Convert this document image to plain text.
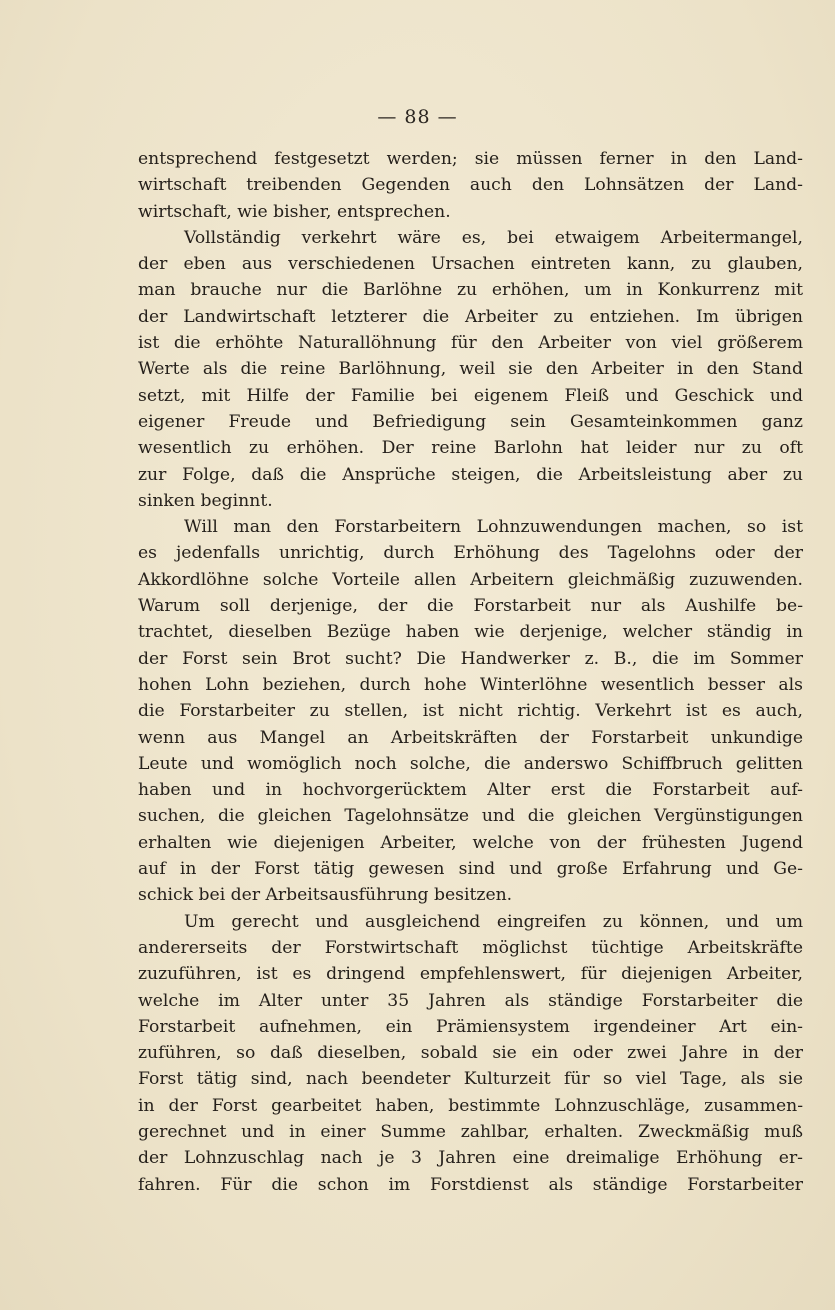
— 88 —
entsprechend festgesetzt werden; sie müssen ferner in den Land-
wirtschaft treibenden Gegenden auch den Lohnsätzen der Land-
wirtschaft, wie bisher, entsprechen.
Vollständig verkehrt wäre es, bei etwaigem Arbeitermangel,
der eben aus verschiedenen Ursachen eintreten kann, zu glauben,
man brauche nur die Barlöhne zu erhöhen, um in Konkurrenz mit
der Landwirtschaft letzterer die Arbeiter zu entziehen. Im übrigen
ist die erhöhte Naturallöhnung für den Arbeiter von viel größerem
Werte als die reine Barlöhnung, weil sie den Arbeiter in den Stand
setzt, mit Hilfe der Familie bei eigenem Fleiß und Geschick und
eigener Freude und Befriedigung sein Gesamteinkommen ganz
wesentlich zu erhöhen. Der reine Barlohn hat leider nur zu oft
zur Folge, daß die Ansprüche steigen, die Arbeitsleistung aber zu
sinken beginnt.
Will man den Forstarbeitern Lohnzuwendungen machen, so ist
es jedenfalls unrichtig, durch Erhöhung des Tagelohns oder der
Akkordlöhne solche Vorteile allen Arbeitern gleichmäßig zuzuwenden.
Warum soll derjenige, der die Forstarbeit nur als Aushilfe be-
trachtet, dieselben Bezüge haben wie derjenige, welcher ständig in
der Forst sein Brot sucht? Die Handwerker z. B., die im Sommer
hohen Lohn beziehen, durch hohe Winterlöhne wesentlich besser als
die Forstarbeiter zu stellen, ist nicht richtig. Verkehrt ist es auch,
wenn aus Mangel an Arbeitskräften der Forstarbeit unkundige
Leute und womöglich noch solche, die anderswo Schiffbruch gelitten
haben und in hochvorgerücktem Alter erst die Forstarbeit auf-
suchen, die gleichen Tagelohnsätze und die gleichen Vergünstigungen
erhalten wie diejenigen Arbeiter, welche von der frühesten Jugend
auf in der Forst tätig gewesen sind und große Erfahrung und Ge-
schick bei der Arbeitsausführung besitzen.
Um gerecht und ausgleichend eingreifen zu können, und um
andererseits der Forstwirtschaft möglichst tüchtige Arbeitskräfte
zuzuführen, ist es dringend empfehlenswert, für diejenigen Arbeiter,
welche im Alter unter 35 Jahren als ständige Forstarbeiter die
Forstarbeit aufnehmen, ein Prämiensystem irgendeiner Art ein-
zuführen, so daß dieselben, sobald sie ein oder zwei Jahre in der
Forst tätig sind, nach beendeter Kulturzeit für so viel Tage, als sie
in der Forst gearbeitet haben, bestimmte Lohnzuschläge, zusammen-
gerechnet und in einer Summe zahlbar, erhalten. Zweckmäßig muß
der Lohnzuschlag nach je 3 Jahren eine dreimalige Erhöhung er-
fahren. Für die schon im Forstdienst als ständige Forstarbeiter
